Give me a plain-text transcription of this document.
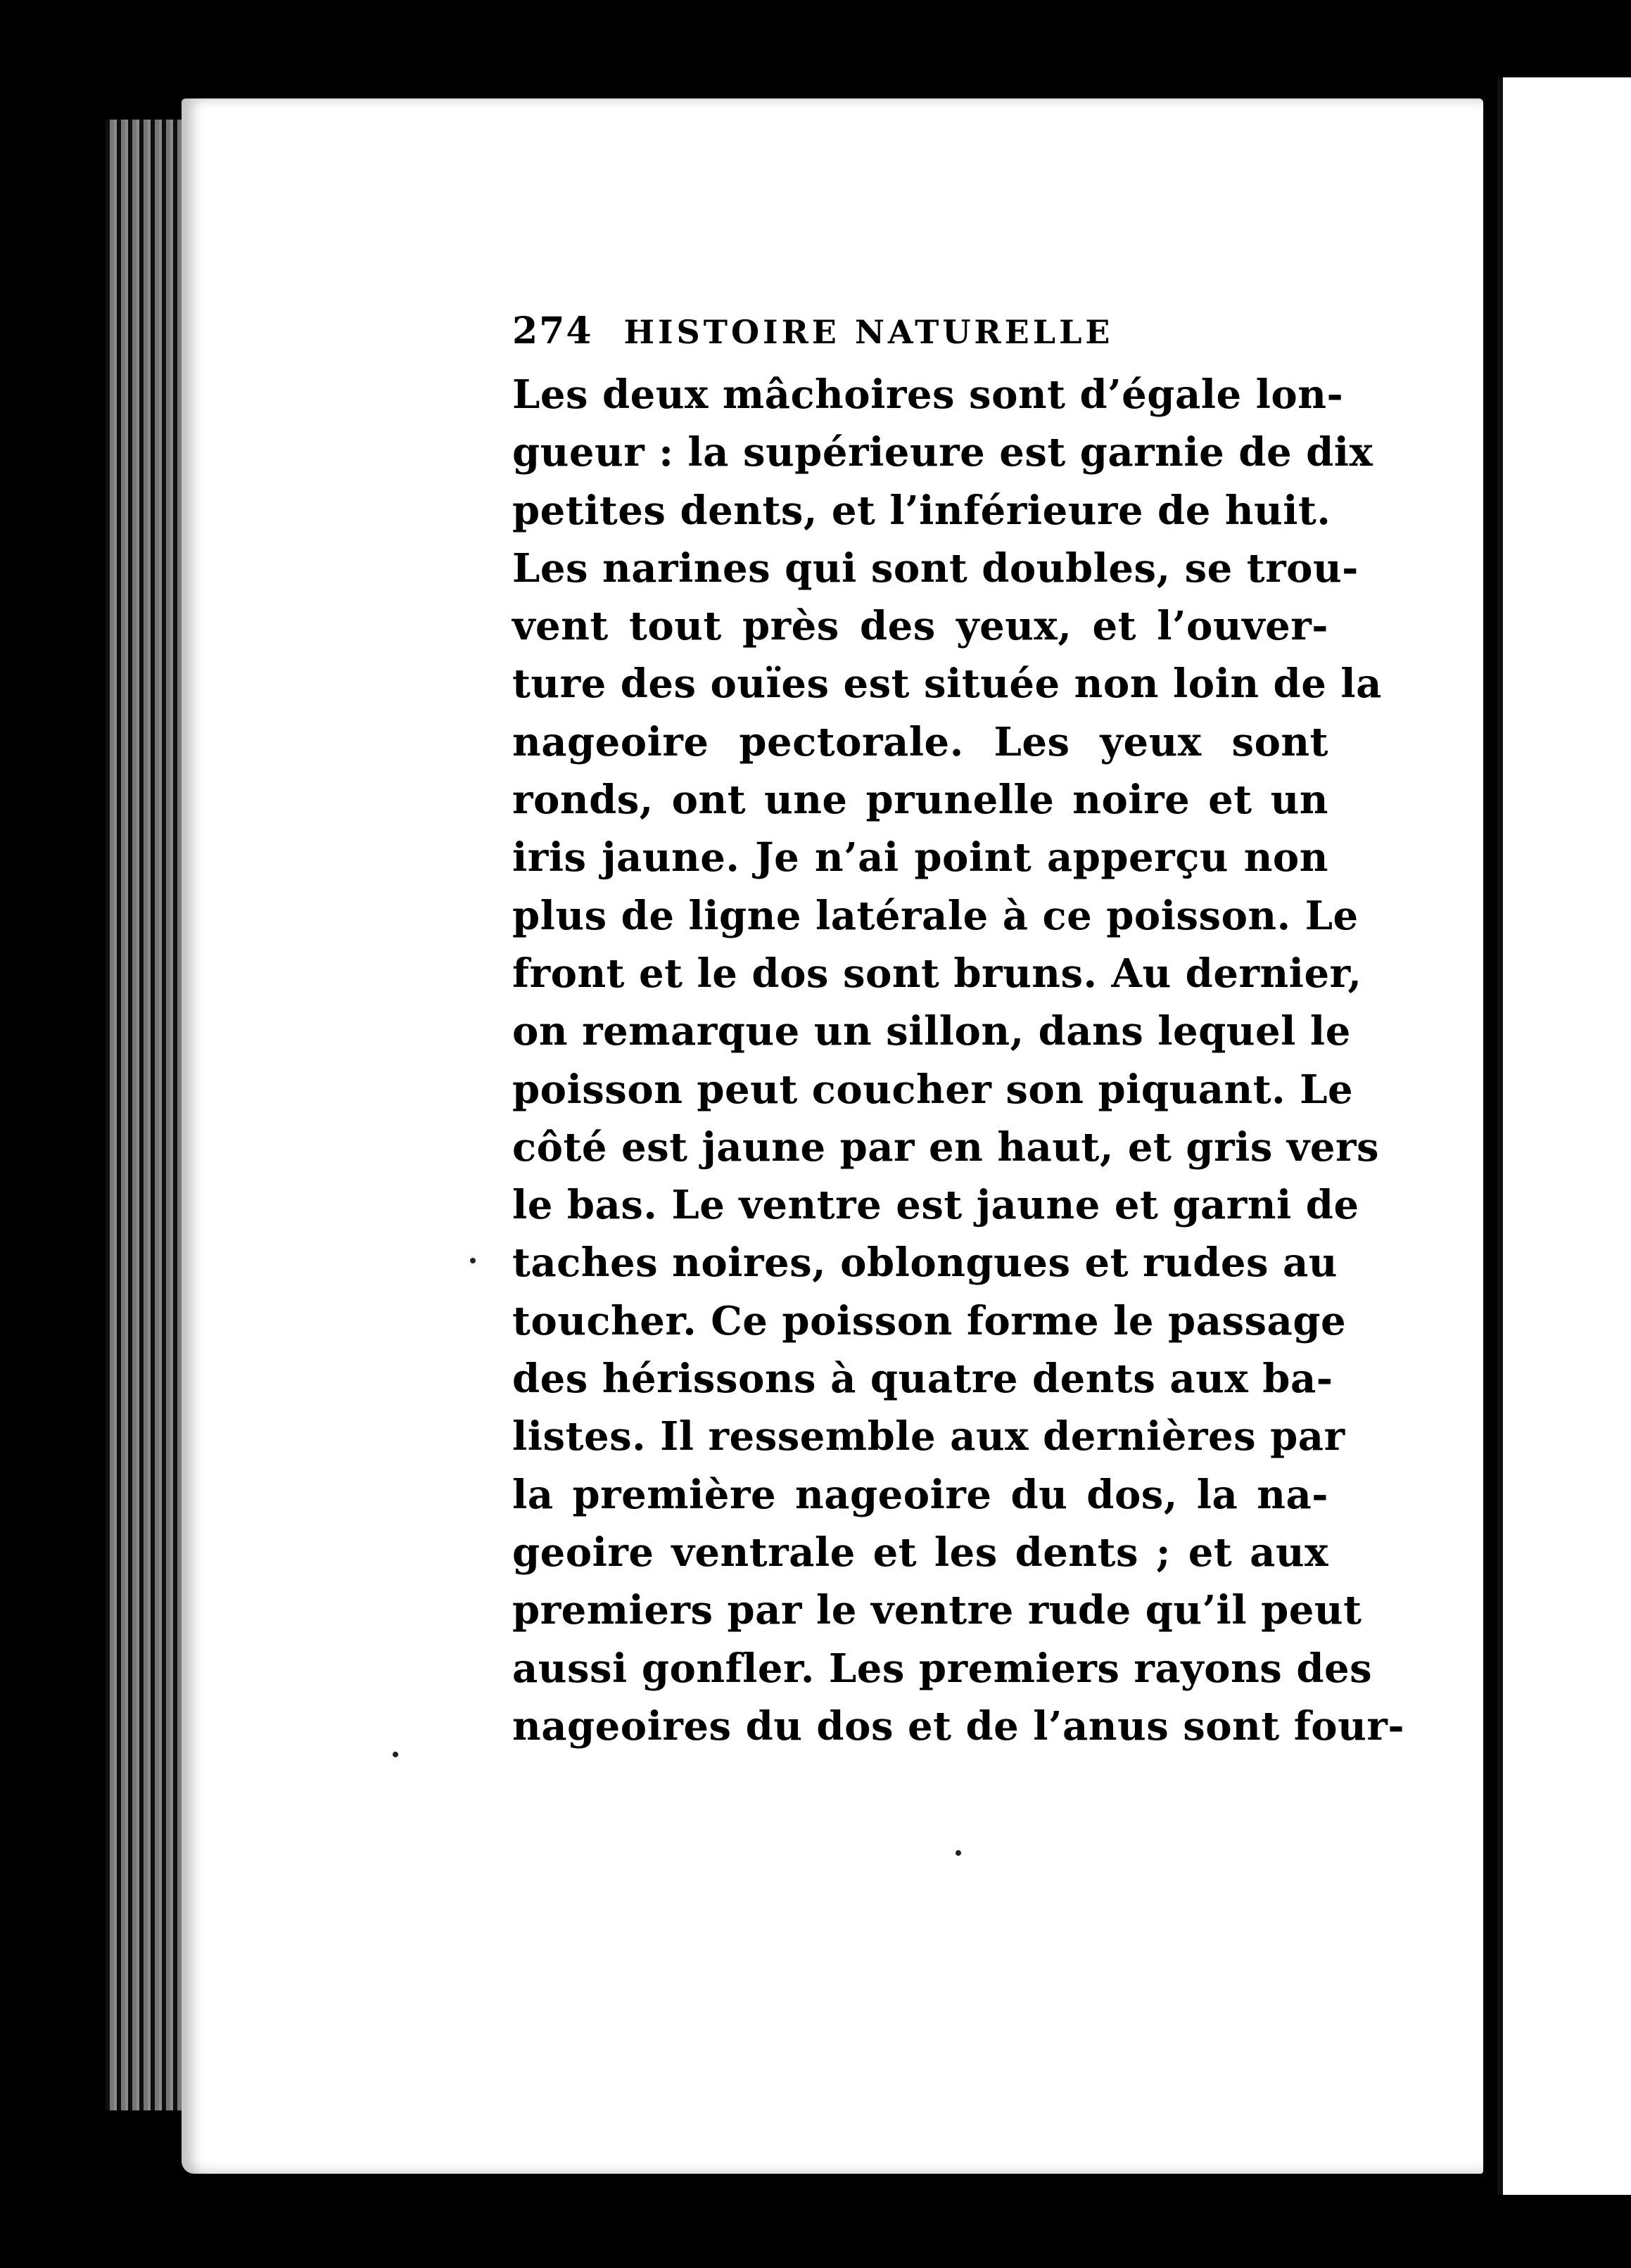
274 HISTOIRE NATURELLE
Les deux mâchoires sont d’égale lon-
gueur : la supérieure est garnie de dix
petites dents, et l’inférieure de huit.
Les narines qui sont doubles, se trou-
vent tout près des yeux, et l’ouver-
ture des ouïes est située non loin de la
nageoire pectorale. Les yeux sont
ronds, ont une prunelle noire et un
iris jaune. Je n’ai point apperçu non
plus de ligne latérale à ce poisson. Le
front et le dos sont bruns. Au dernier,
on remarque un sillon, dans lequel le
poisson peut coucher son piquant. Le
côté est jaune par en haut, et gris vers
le bas. Le ventre est jaune et garni de
taches noires, oblongues et rudes au
toucher. Ce poisson forme le passage
des hérissons à quatre dents aux ba-
listes. Il ressemble aux dernières par
la première nageoire du dos, la na-
geoire ventrale et les dents ; et aux
premiers par le ventre rude qu’il peut
aussi gonfler. Les premiers rayons des
nageoires du dos et de l’anus sont four-
